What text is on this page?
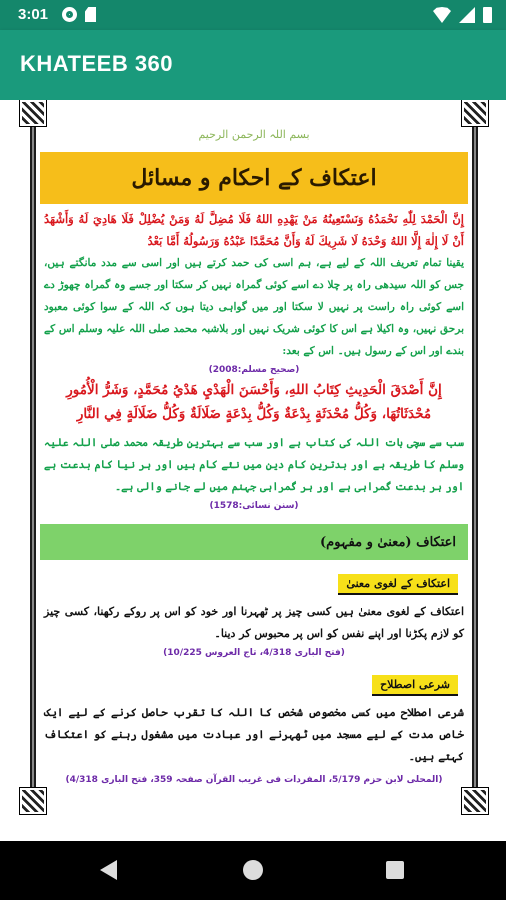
3:01
KHATEEB 360
بسم اللہ الرحمن الرحیم
اعتکاف کے احکام و مسائل

إِنَّ الْحَمْدَ لِلّٰهِ نَحْمَدُهُ وَنَسْتَعِينُهُ مَنْ يَهْدِهِ اللهُ فَلَا مُضِلَّ لَهُ وَمَنْ يُضْلِلْ فَلَا هَادِيَ لَهُ وَأَشْهَدُ أَنْ لَا إِلٰهَ إِلَّا اللهُ وَحْدَهُ لَا شَرِيكَ لَهُ وَأَنَّ مُحَمَّدًا عَبْدُهُ وَرَسُولُهُ أَمَّا بَعْدُ

یقینا تمام تعریف اللہ کے لیے ہے، ہم اسی کی حمد کرتے ہیں اور اسی سے مدد مانگتے ہیں، جس کو اللہ سیدھی راہ پر چلا دے اسے کوئی گمراہ نہیں کر سکتا اور جسے وہ گمراہ چھوڑ دے اسے کوئی راہ راست پر نہیں لا سکتا اور میں گواہی دیتا ہوں کہ اللہ کے سوا کوئی معبود برحق نہیں، وہ اکیلا ہے اس کا کوئی شریک نہیں اور بلاشبہ محمد صلی اللہ علیہ وسلم اس کے بندے اور اس کے رسول ہیں۔ اس کے بعد:

(صحیح مسلم:2008)

إِنَّ أَصْدَقَ الْحَدِيثِ كِتَابُ اللهِ، وَأَحْسَنَ الْهَدْيِ هَدْيُ مُحَمَّدٍ، وَشَرُّ الْأُمُورِ مُحْدَثَاتُهَا، وَكُلُّ مُحْدَثَةٍ بِدْعَةٌ وَكُلُّ بِدْعَةٍ ضَلَالَةٌ وَكُلُّ ضَلَالَةٍ فِي النَّارِ

سب سے سچی بات اللہ کی کتاب ہے اور سب سے بہترین طریقہ محمد صلی اللہ علیہ وسلم کا طریقہ ہے اور بدترین کام دین میں نئے کام ہیں اور ہر نیا کام بدعت ہے اور ہر بدعت گمراہی ہے اور ہر گمراہی جہنم میں لے جانے والی ہے۔

(سنن نسائی:1578)

اعتکاف (معنیٰ و مفہوم)
اعتکاف کے لغوی معنیٰ

اعتکاف کے لغوی معنیٰ ہیں کسی چیز پر ٹھہرنا اور خود کو اس پر روکے رکھنا، کسی چیز کو لازم پکڑنا اور اپنے نفس کو اس پر محبوس کر دینا۔

(فتح الباری 4/318، تاج العروس 10/225)

شرعی اصطلاح

شرعی اصطلاح میں کسی مخصوص شخص کا اللہ کا تقرب حاصل کرنے کے لیے ایک خاص مدت کے لیے مسجد میں ٹھہرنے اور عبادت میں مشغول رہنے کو اعتکاف کہتے ہیں۔

(المحلی لابن حزم 5/179، المفردات فی غریب القرآن صفحہ 359، فتح الباری 4/318)
